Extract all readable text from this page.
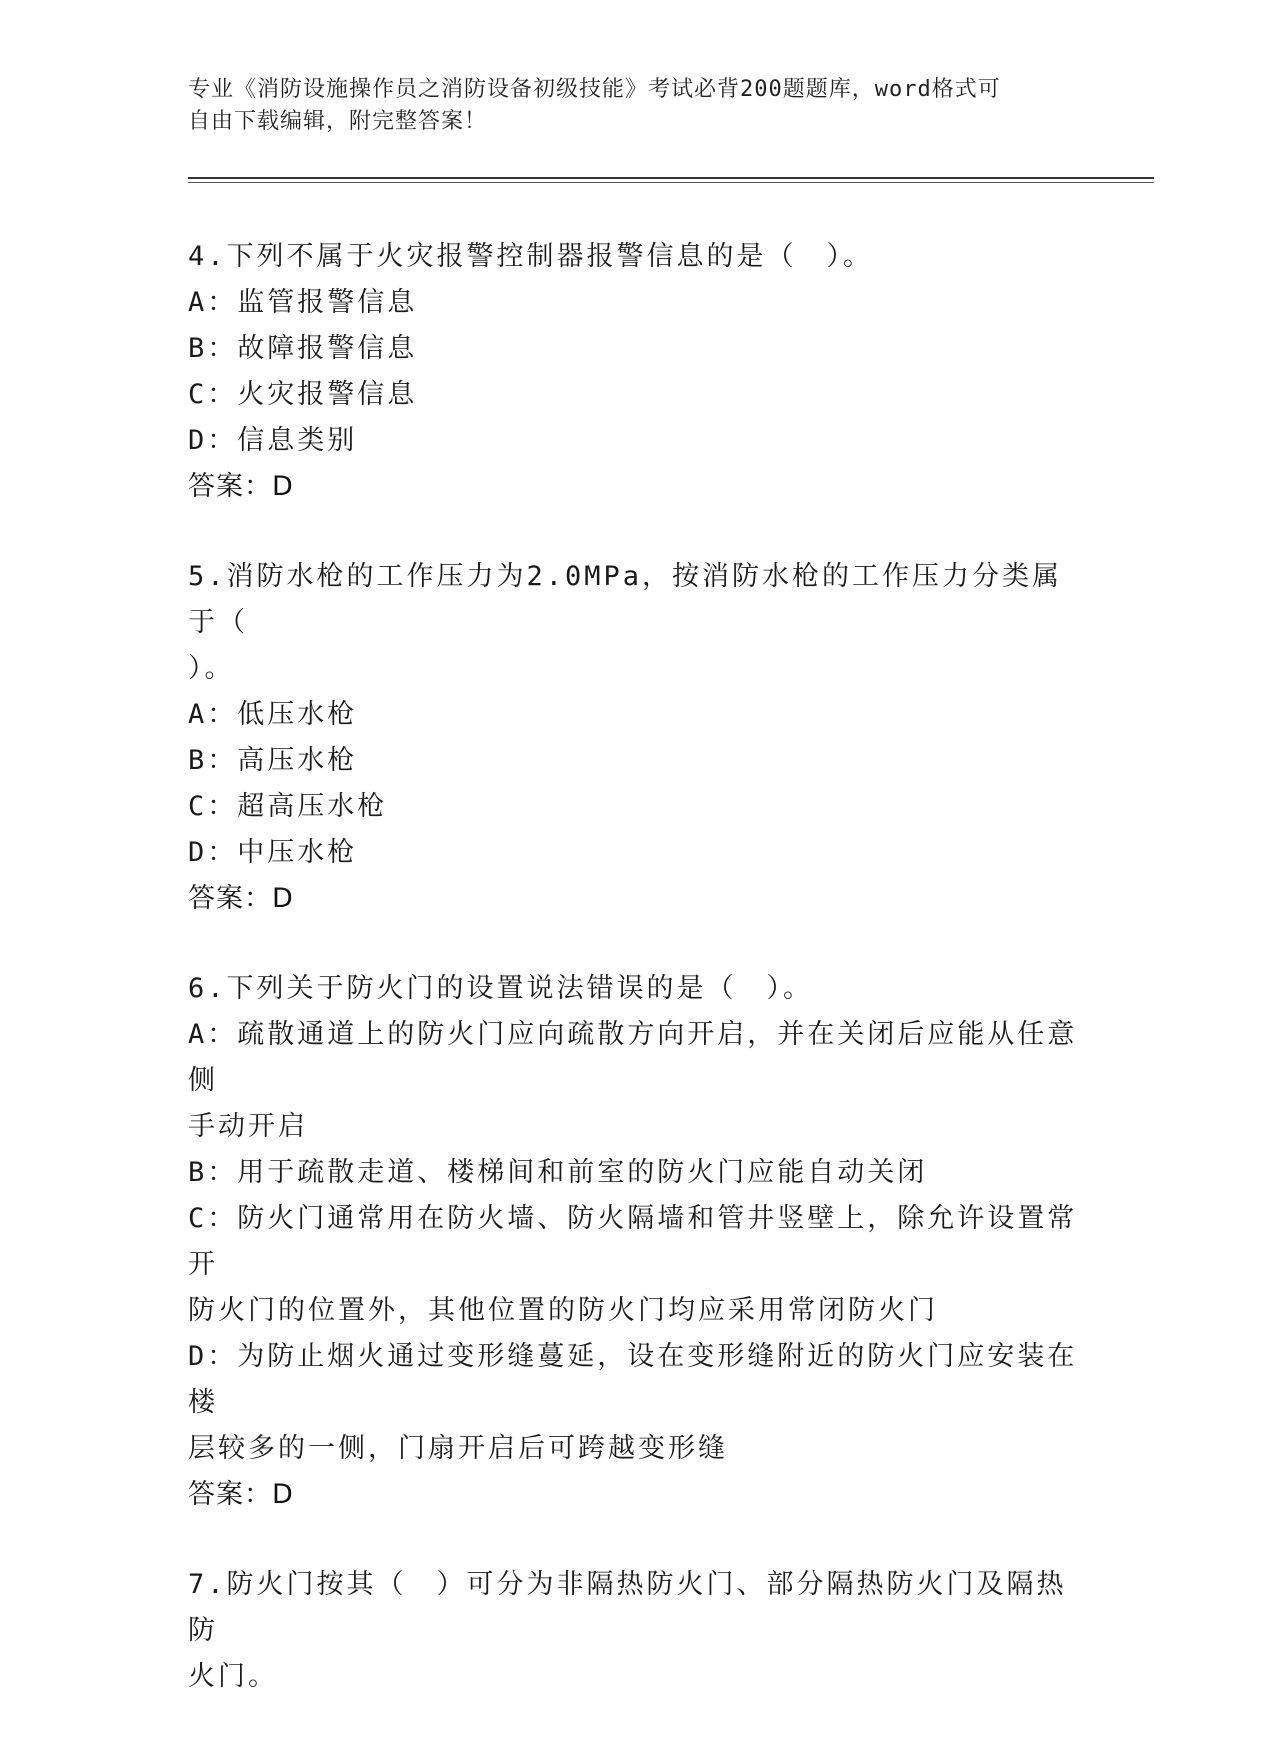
专业《消防设施操作员之消防设备初级技能》考试必背200题题库，word格式可
自由下载编辑，附完整答案！
4.下列不属于火灾报警控制器报警信息的是（　）。
A：监管报警信息
B：故障报警信息
C：火灾报警信息
D：信息类别
答案：D
5.消防水枪的工作压力为2.0MPa，按消防水枪的工作压力分类属于（
）。
A：低压水枪
B：高压水枪
C：超高压水枪
D：中压水枪
答案：D
6.下列关于防火门的设置说法错误的是（　）。
A：疏散通道上的防火门应向疏散方向开启，并在关闭后应能从任意侧
手动开启
B：用于疏散走道、楼梯间和前室的防火门应能自动关闭
C：防火门通常用在防火墙、防火隔墙和管井竖壁上，除允许设置常开
防火门的位置外，其他位置的防火门均应采用常闭防火门
D：为防止烟火通过变形缝蔓延，设在变形缝附近的防火门应安装在楼
层较多的一侧，门扇开启后可跨越变形缝
答案：D
7.防火门按其（　）可分为非隔热防火门、部分隔热防火门及隔热防
火门。
